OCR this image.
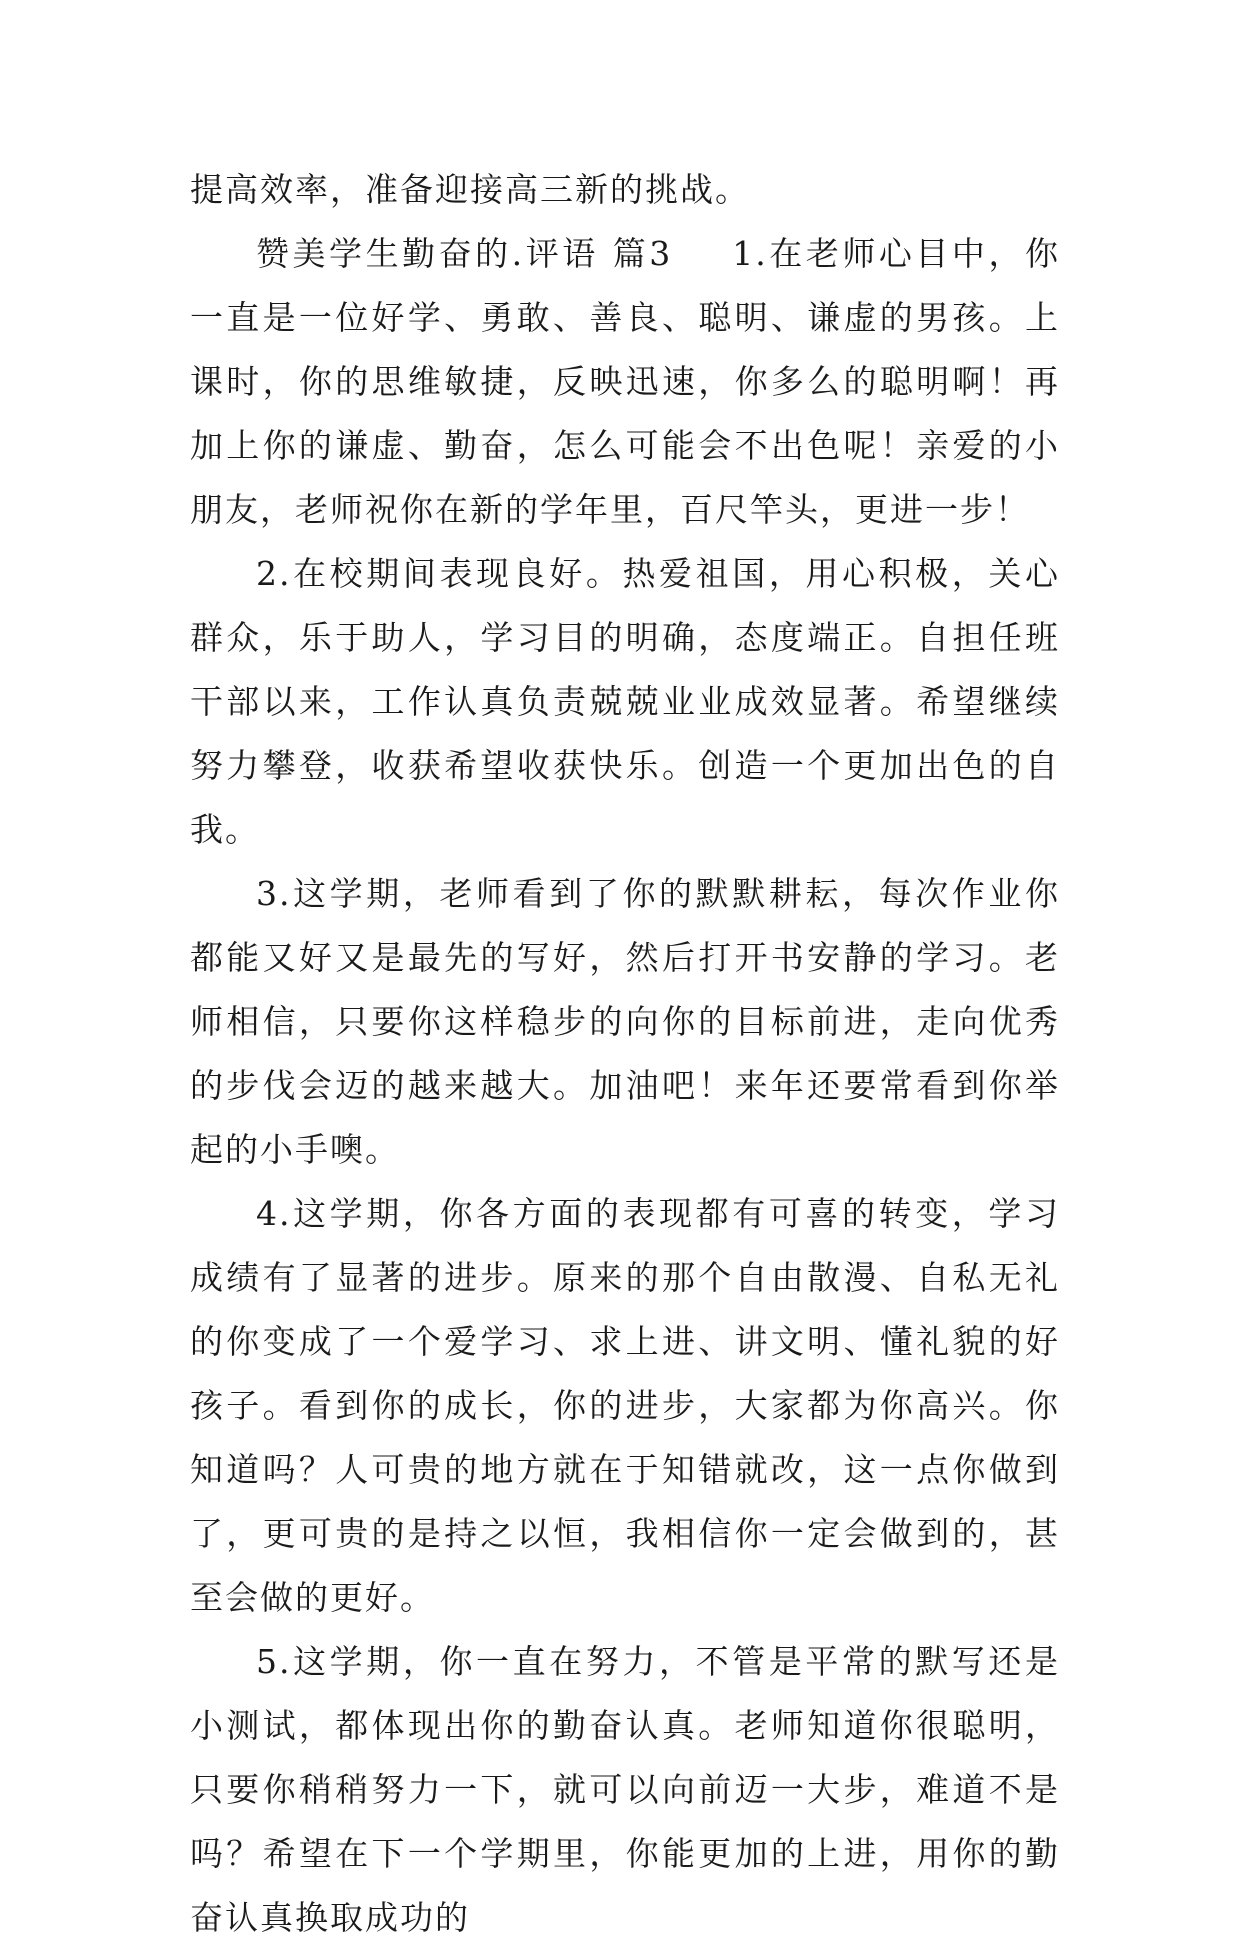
提高效率，准备迎接高三新的挑战。

赞美学生勤奋的.评语 篇3 1.在老师心目中，你一直是一位好学、勇敢、善良、聪明、谦虚的男孩。上课时，你的思维敏捷，反映迅速，你多么的聪明啊！再加上你的谦虚、勤奋，怎么可能会不出色呢！亲爱的小朋友，老师祝你在新的学年里，百尺竿头，更进一步！

2.在校期间表现良好。热爱祖国，用心积极，关心群众，乐于助人，学习目的明确，态度端正。自担任班干部以来，工作认真负责兢兢业业成效显著。希望继续努力攀登，收获希望收获快乐。创造一个更加出色的自我。

3.这学期，老师看到了你的默默耕耘，每次作业你都能又好又是最先的写好，然后打开书安静的学习。老师相信，只要你这样稳步的向你的目标前进，走向优秀的步伐会迈的越来越大。加油吧！来年还要常看到你举起的小手噢。

4.这学期，你各方面的表现都有可喜的转变，学习成绩有了显著的进步。原来的那个自由散漫、自私无礼的你变成了一个爱学习、求上进、讲文明、懂礼貌的好孩子。看到你的成长，你的进步，大家都为你高兴。你知道吗？人可贵的地方就在于知错就改，这一点你做到了，更可贵的是持之以恒，我相信你一定会做到的，甚至会做的更好。

5.这学期，你一直在努力，不管是平常的默写还是小测试，都体现出你的勤奋认真。老师知道你很聪明，只要你稍稍努力一下，就可以向前迈一大步，难道不是吗？希望在下一个学期里，你能更加的上进，用你的勤奋认真换取成功的
